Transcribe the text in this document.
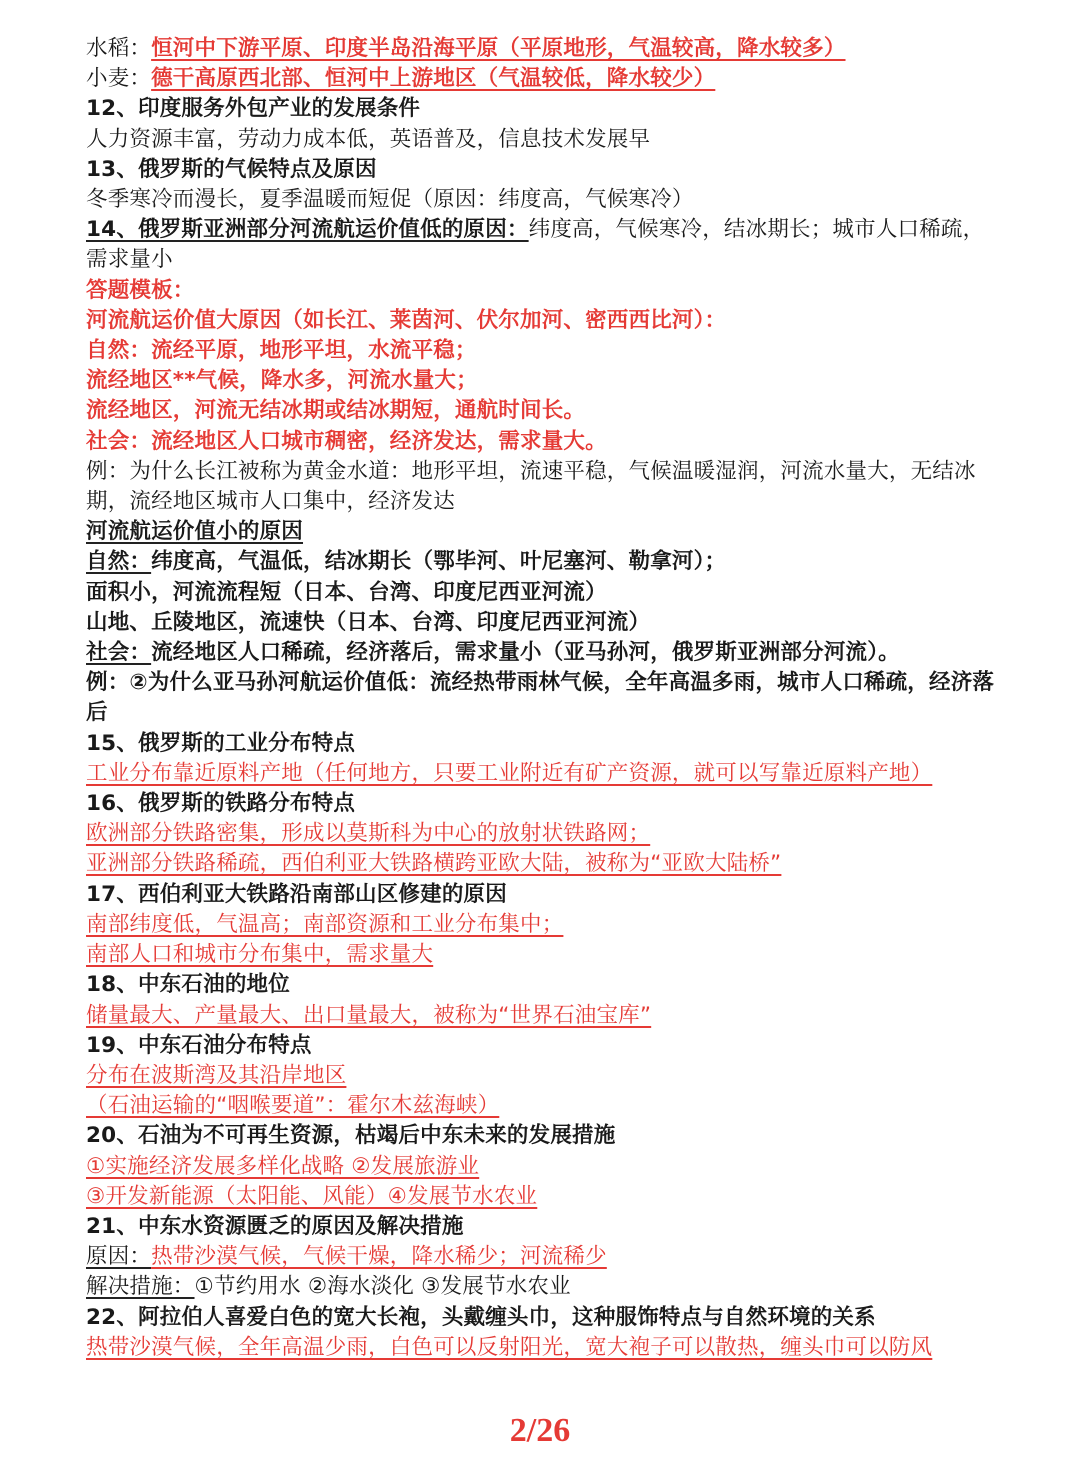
水稻：恒河中下游平原、印度半岛沿海平原（平原地形，气温较高，降水较多）
小麦：德干高原西北部、恒河中上游地区（气温较低，降水较少）
12、印度服务外包产业的发展条件
人力资源丰富，劳动力成本低，英语普及，信息技术发展早
13、俄罗斯的气候特点及原因
冬季寒冷而漫长，夏季温暖而短促（原因：纬度高，气候寒冷）
14、俄罗斯亚洲部分河流航运价值低的原因：纬度高，气候寒冷，结冰期长；城市人口稀疏，需求量小
答题模板：
河流航运价值大原因（如长江、莱茵河、伏尔加河、密西西比河）：
自然：流经平原，地形平坦，水流平稳；
流经地区**气候，降水多，河流水量大；
流经地区，河流无结冰期或结冰期短，通航时间长。
社会：流经地区人口城市稠密，经济发达，需求量大。
例：为什么长江被称为黄金水道：地形平坦，流速平稳，气候温暖湿润，河流水量大，无结冰期，流经地区城市人口集中，经济发达
河流航运价值小的原因
自然：纬度高，气温低，结冰期长（鄂毕河、叶尼塞河、勒拿河）；
面积小，河流流程短（日本、台湾、印度尼西亚河流）
山地、丘陵地区，流速快（日本、台湾、印度尼西亚河流）
社会：流经地区人口稀疏，经济落后，需求量小（亚马孙河，俄罗斯亚洲部分河流）。
例：②为什么亚马孙河航运价值低：流经热带雨林气候，全年高温多雨，城市人口稀疏，经济落后
15、俄罗斯的工业分布特点
工业分布靠近原料产地（任何地方，只要工业附近有矿产资源，就可以写靠近原料产地）
16、俄罗斯的铁路分布特点
欧洲部分铁路密集，形成以莫斯科为中心的放射状铁路网；
亚洲部分铁路稀疏，西伯利亚大铁路横跨亚欧大陆，被称为“亚欧大陆桥”
17、西伯利亚大铁路沿南部山区修建的原因
南部纬度低，气温高；南部资源和工业分布集中；
南部人口和城市分布集中，需求量大
18、中东石油的地位
储量最大、产量最大、出口量最大，被称为“世界石油宝库”
19、中东石油分布特点
分布在波斯湾及其沿岸地区
（石油运输的“咽喉要道”：霍尔木兹海峡）
20、石油为不可再生资源，枯竭后中东未来的发展措施
①实施经济发展多样化战略 ②发展旅游业
③开发新能源（太阳能、风能）④发展节水农业
21、中东水资源匮乏的原因及解决措施
原因：热带沙漠气候，气候干燥，降水稀少；河流稀少
解决措施：①节约用水 ②海水淡化 ③发展节水农业
22、阿拉伯人喜爱白色的宽大长袍，头戴缠头巾，这种服饰特点与自然环境的关系
热带沙漠气候，全年高温少雨，白色可以反射阳光，宽大袍子可以散热，缠头巾可以防风
2/26
